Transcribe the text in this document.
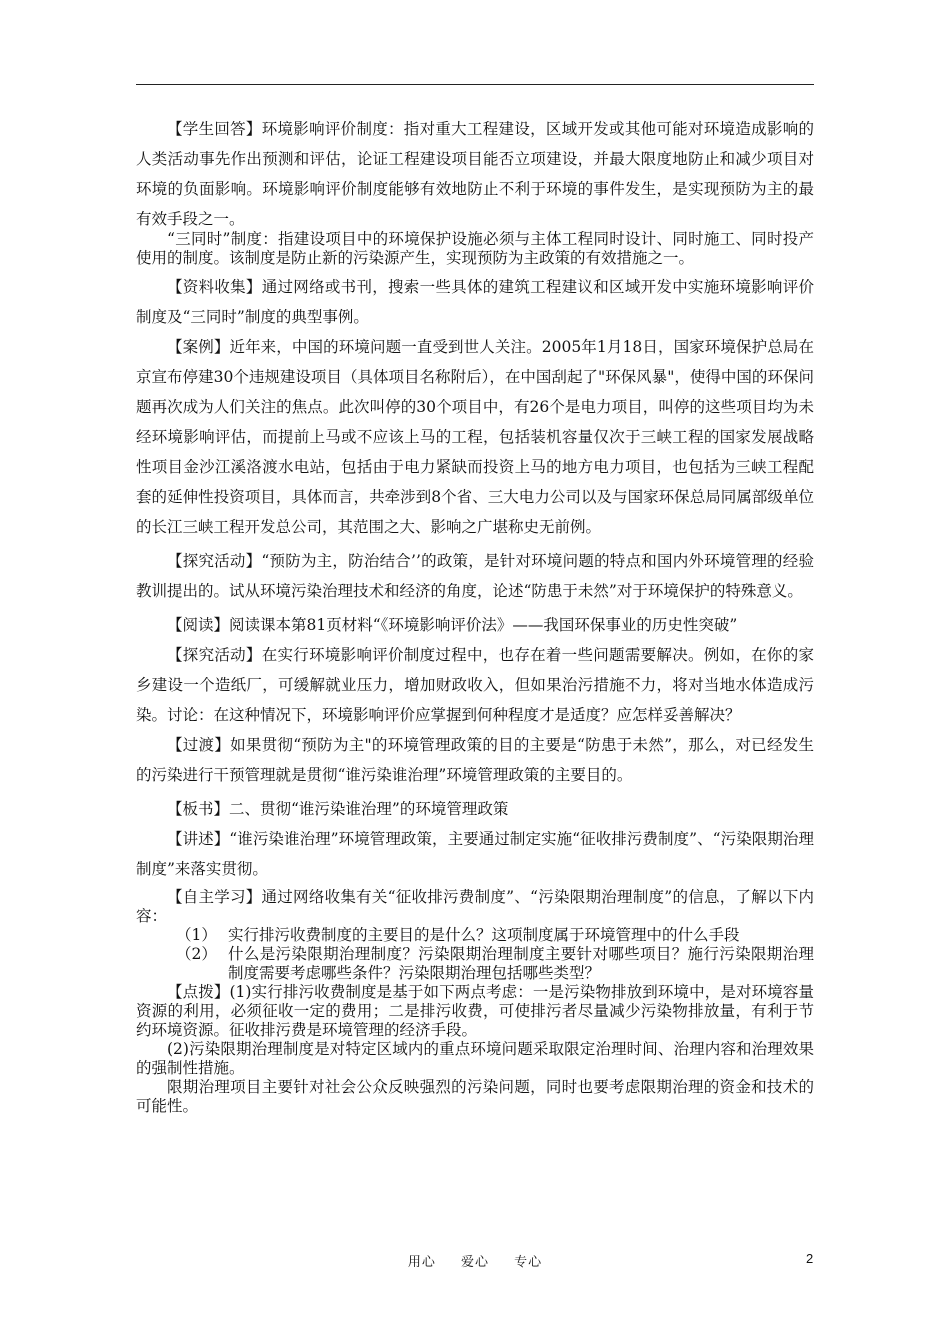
【学生回答】环境影响评价制度：指对重大工程建设，区域开发或其他可能对环境造成影响的人类活动事先作出预测和评估，论证工程建设项目能否立项建设，并最大限度地防止和减少项目对环境的负面影响。环境影响评价制度能够有效地防止不利于环境的事件发生，是实现预防为主的最有效手段之一。

“三同时”制度：指建设项目中的环境保护设施必须与主体工程同时设计、同时施工、同时投产使用的制度。该制度是防止新的污染源产生，实现预防为主政策的有效措施之一。

【资料收集】通过网络或书刊，搜索一些具体的建筑工程建议和区域开发中实施环境影响评价制度及“三同时”制度的典型事例。

【案例】近年来，中国的环境问题一直受到世人关注。2005年1月18日，国家环境保护总局在京宣布停建30个违规建设项目（具体项目名称附后），在中国刮起了"环保风暴"，使得中国的环保问题再次成为人们关注的焦点。此次叫停的30个项目中，有26个是电力项目，叫停的这些项目均为未经环境影响评估，而提前上马或不应该上马的工程，包括装机容量仅次于三峡工程的国家发展战略性项目金沙江溪洛渡水电站，包括由于电力紧缺而投资上马的地方电力项目，也包括为三峡工程配套的延伸性投资项目，具体而言，共牵涉到8个省、三大电力公司以及与国家环保总局同属部级单位的长江三峡工程开发总公司，其范围之大、影响之广堪称史无前例。

【探究活动】“预防为主，防治结合’’的政策，是针对环境问题的特点和国内外环境管理的经验教训提出的。试从环境污染治理技术和经济的角度，论述“防患于未然”对于环境保护的特殊意义。

【阅读】阅读课本第81页材料“《环境影响评价法》——我国环保事业的历史性突破”

【探究活动】在实行环境影响评价制度过程中，也存在着一些问题需要解决。例如，在你的家乡建设一个造纸厂，可缓解就业压力，增加财政收入，但如果治污措施不力，将对当地水体造成污染。讨论：在这种情况下，环境影响评价应掌握到何种程度才是适度？应怎样妥善解决？

【过渡】如果贯彻“预防为主"的环境管理政策的目的主要是“防患于未然”，那么，对已经发生的污染进行干预管理就是贯彻“谁污染谁治理”环境管理政策的主要目的。

【板书】二、贯彻“谁污染谁治理”的环境管理政策

【讲述】“谁污染谁治理”环境管理政策，主要通过制定实施“征收排污费制度”、“污染限期治理制度”来落实贯彻。

【自主学习】通过网络收集有关“征收排污费制度”、“污染限期治理制度”的信息，了解以下内容：

（1） 实行排污收费制度的主要目的是什么？这项制度属于环境管理中的什么手段
（2） 什么是污染限期治理制度？污染限期治理制度主要针对哪些项目？施行污染限期治理制度需要考虑哪些条件？污染限期治理包括哪些类型？

【点拨】(1)实行排污收费制度是基于如下两点考虑：一是污染物排放到环境中，是对环境容量资源的利用，必须征收一定的费用；二是排污收费，可使排污者尽量减少污染物排放量，有利于节约环境资源。征收排污费是环境管理的经济手段。

(2)污染限期治理制度是对特定区域内的重点环境问题采取限定治理时间、治理内容和治理效果的强制性措施。

限期治理项目主要针对社会公众反映强烈的污染问题，同时也要考虑限期治理的资金和技术的可能性。

用心 爱心 专心	2
